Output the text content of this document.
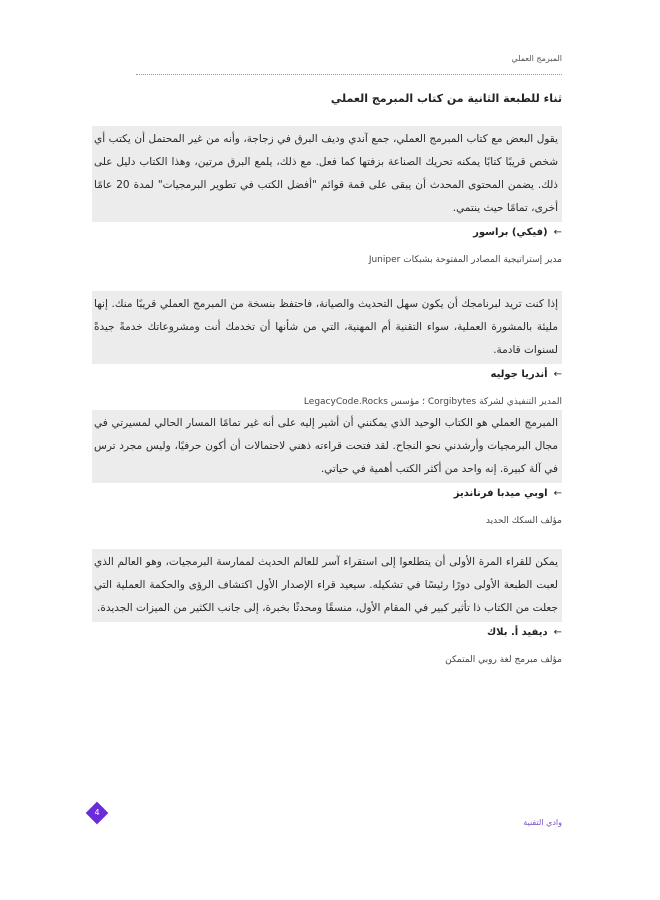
المبرمج العملي
ثناء للطبعة الثانية من كتاب المبرمج العملي

يقول البعض مع كتاب المبرمج العملي، جمع آندي وديف البرق في زجاجة، وأنه من غير المحتمل أن يكتب أي شخص قريبًا كتابًا يمكنه تحريك الصناعة بزفتها كما فعل. مع ذلك، يلمع البرق مرتين، وهذا الكتاب دليل على ذلك. يضمن المحتوى المحدث أن يبقى على قمة قوائم "أفضل الكتب في تطوير البرمجيات" لمدة 20 عامًا أخرى، تمامًا حيث ينتمي.

←(فيكي) براسور
مدير إستراتيجية المصادر المفتوحة بشبكات Juniper

إذا كنت تريد لبرنامجك أن يكون سهل التحديث والصيانة، فاحتفظ بنسخة من المبرمج العملي قريبًا منك. إنها مليئة بالمشورة العملية، سواء التقنية أم المهنية، التي من شأنها أن تخدمك أنت ومشروعاتك خدمةً جيدةً لسنوات قادمة.

←أندريا جوليه
المدير التنفيذي لشركة Corgibytes ؛ مؤسس LegacyCode.Rocks

المبرمج العملي هو الكتاب الوحيد الذي يمكنني أن أشير إليه على أنه غير تمامًا المسار الحالي لمسيرتي في مجال البرمجيات وأرشدني نحو النجاح. لقد فتحت قراءته ذهني لاحتمالات أن أكون حرفيًا، وليس مجرد ترس في آلة كبيرة. إنه واحد من أكثر الكتب أهمية في حياتي.

←اوبي ميدبا فرناندیز
مؤلف السكك الحديد

يمكن للقراء المرة الأولى أن يتطلعوا إلى استقراء آسر للعالم الحديث لممارسة البرمجيات، وهو العالم الذي لعبت الطبعة الأولى دورًا رئيسًا في تشكيله. سيعيد قراء الإصدار الأول اكتشاف الرؤى والحكمة العملية التي جعلت من الكتاب ذا تأثير كبير في المقام الأول، منسقًا ومحدثًا بخبرة، إلى جانب الكثير من الميزات الجديدة.

←ديفيد أ. بلاك
مؤلف مبرمج لغة روبي المتمكن
4
وادي التقنية
